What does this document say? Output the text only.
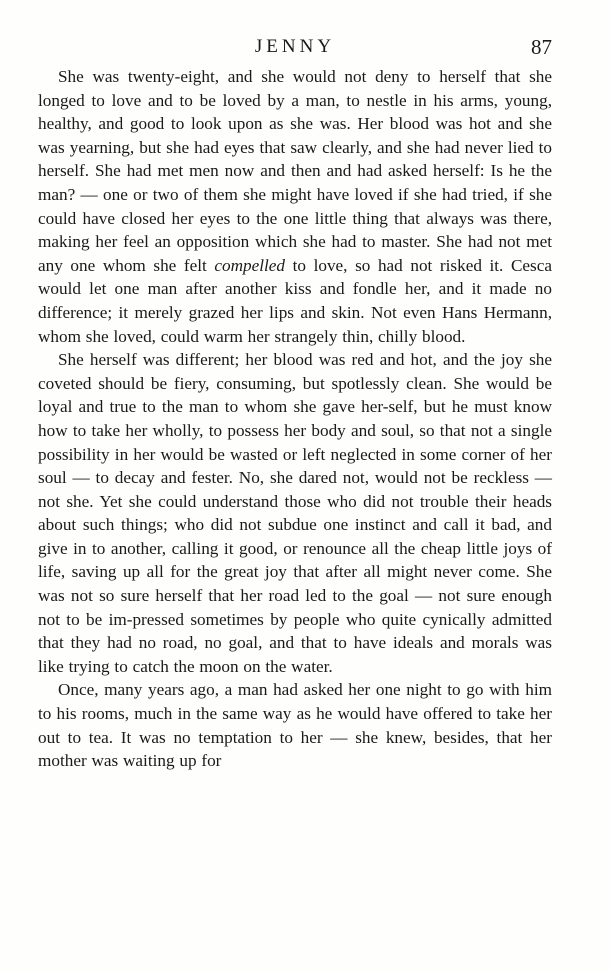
JENNY	87

She was twenty-eight, and she would not deny to herself that she longed to love and to be loved by a man, to nestle in his arms, young, healthy, and good to look upon as she was. Her blood was hot and she was yearning, but she had eyes that saw clearly, and she had never lied to herself. She had met men now and then and had asked herself: Is he the man? — one or two of them she might have loved if she had tried, if she could have closed her eyes to the one little thing that always was there, making her feel an opposition which she had to master. She had not met any one whom she felt compelled to love, so had not risked it. Cesca would let one man after another kiss and fondle her, and it made no difference; it merely grazed her lips and skin. Not even Hans Hermann, whom she loved, could warm her strangely thin, chilly blood.

She herself was different; her blood was red and hot, and the joy she coveted should be fiery, consuming, but spotlessly clean. She would be loyal and true to the man to whom she gave her-self, but he must know how to take her wholly, to possess her body and soul, so that not a single possibility in her would be wasted or left neglected in some corner of her soul — to decay and fester. No, she dared not, would not be reckless — not she. Yet she could understand those who did not trouble their heads about such things; who did not subdue one instinct and call it bad, and give in to another, calling it good, or renounce all the cheap little joys of life, saving up all for the great joy that after all might never come. She was not so sure herself that her road led to the goal — not sure enough not to be im-pressed sometimes by people who quite cynically admitted that they had no road, no goal, and that to have ideals and morals was like trying to catch the moon on the water.

Once, many years ago, a man had asked her one night to go with him to his rooms, much in the same way as he would have offered to take her out to tea. It was no temptation to her — she knew, besides, that her mother was waiting up for
